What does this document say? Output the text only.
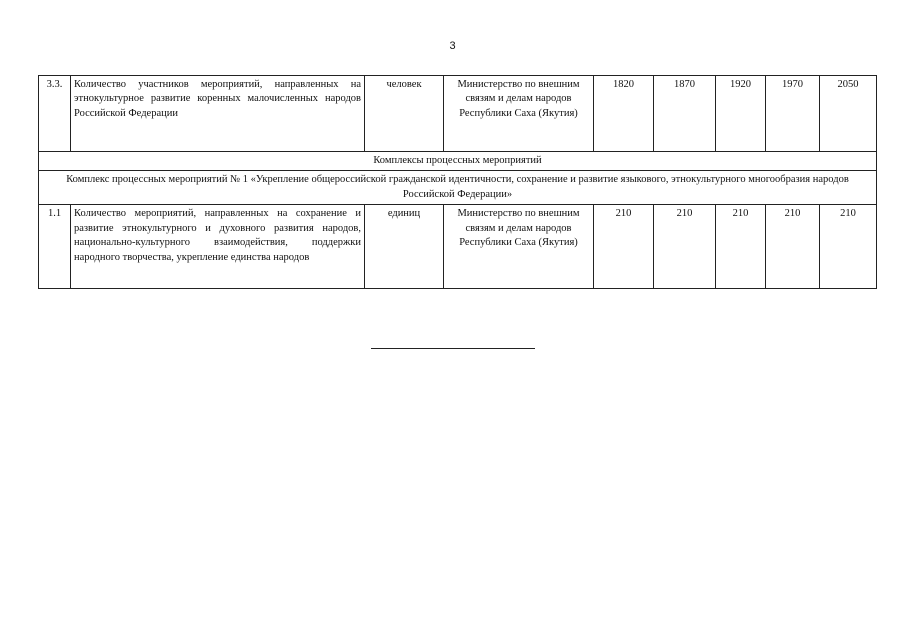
3
3.3.	Количество участников мероприятий, направленных на этнокультурное развитие коренных малочисленных народов Российской Федерации	человек	Министерство по внешним связям и делам народов Республики Саха (Якутия)	1820	1870	1920	1970	2050
Комплексы процессных мероприятий								
Комплекс процессных мероприятий № 1 «Укрепление общероссийской гражданской идентичности, сохранение и развитие языкового, этнокультурного многообразия народов Российской Федерации»								
1.1	Количество мероприятий, направленных на сохранение и развитие этнокультурного и духовного развития народов, национально-культурного взаимодействия, поддержки народного творчества, укрепление единства народов	единиц	Министерство по внешним связям и делам народов Республики Саха (Якутия)	210	210	210	210	210
